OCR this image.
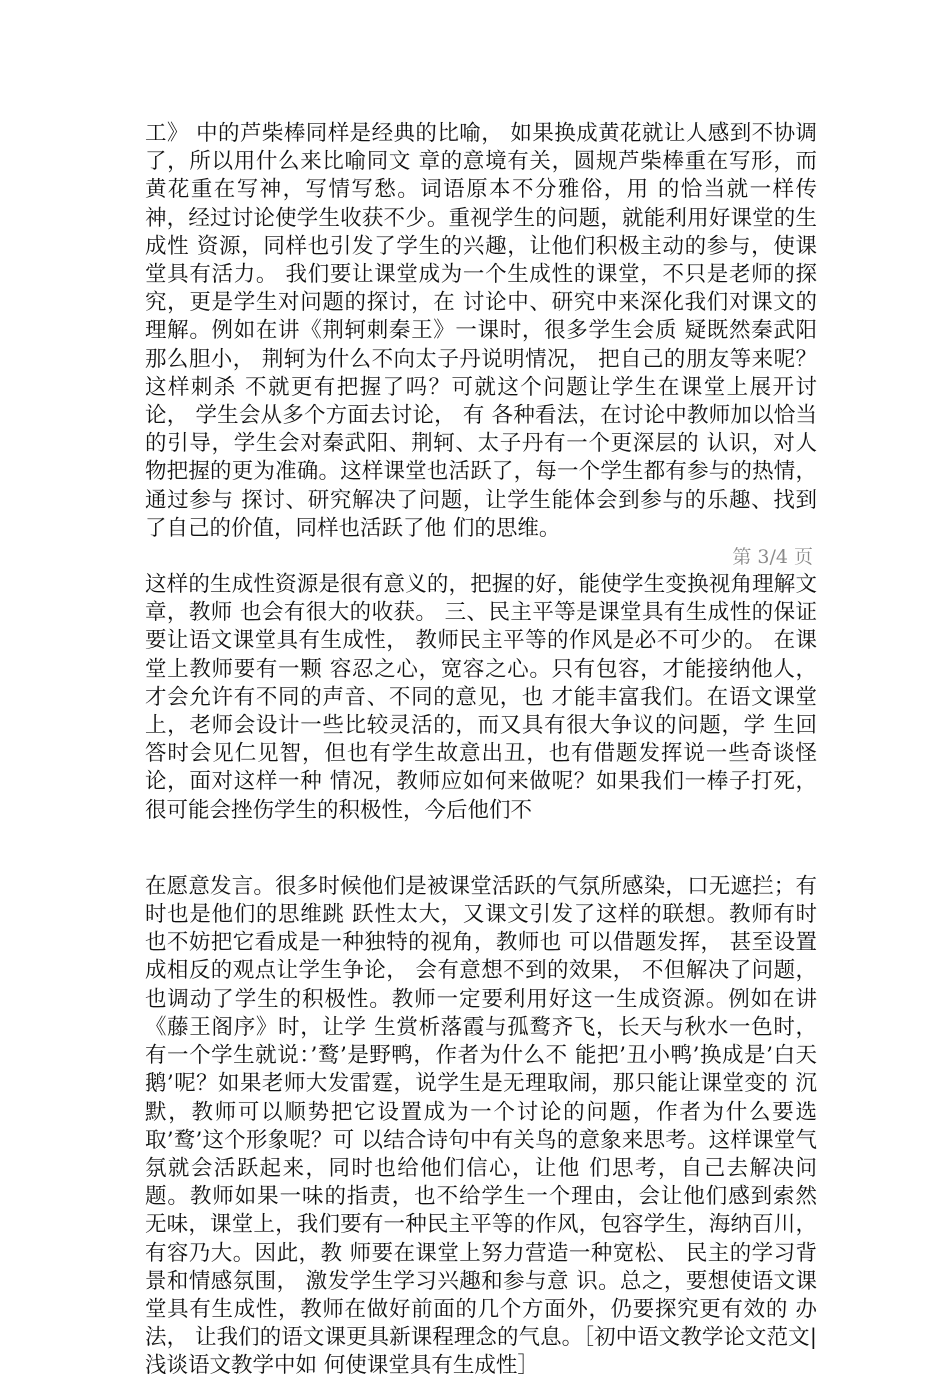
工》 中的芦柴棒同样是经典的比喻， 如果换成黄花就让人感到不协调了，所以用什么来比喻同文 章的意境有关，圆规芦柴棒重在写形，而黄花重在写神，写情写愁。词语原本不分雅俗，用 的恰当就一样传神，经过讨论使学生收获不少。重视学生的问题，就能利用好课堂的生成性 资源，同样也引发了学生的兴趣，让他们积极主动的参与，使课堂具有活力。 我们要让课堂成为一个生成性的课堂，不只是老师的探究，更是学生对问题的探讨，在 讨论中、研究中来深化我们对课文的理解。例如在讲《荆轲刺秦王》一课时，很多学生会质 疑既然秦武阳那么胆小， 荆轲为什么不向太子丹说明情况， 把自己的朋友等来呢？这样刺杀 不就更有把握了吗？可就这个问题让学生在课堂上展开讨论， 学生会从多个方面去讨论， 有 各种看法，在讨论中教师加以恰当的引导，学生会对秦武阳、荆轲、太子丹有一个更深层的 认识，对人物把握的更为准确。这样课堂也活跃了，每一个学生都有参与的热情，通过参与 探讨、研究解决了问题，让学生能体会到参与的乐趣、找到了自己的价值，同样也活跃了他 们的思维。

第 3/4 页

这样的生成性资源是很有意义的，把握的好，能使学生变换视角理解文章，教师 也会有很大的收获。 三、民主平等是课堂具有生成性的保证 要让语文课堂具有生成性， 教师民主平等的作风是必不可少的。 在课堂上教师要有一颗 容忍之心，宽容之心。只有包容，才能接纳他人，才会允许有不同的声音、不同的意见，也 才能丰富我们。在语文课堂上，老师会设计一些比较灵活的，而又具有很大争议的问题，学 生回答时会见仁见智，但也有学生故意出丑，也有借题发挥说一些奇谈怪论，面对这样一种 情况，教师应如何来做呢？如果我们一棒子打死，很可能会挫伤学生的积极性，今后他们不

在愿意发言。很多时候他们是被课堂活跃的气氛所感染，口无遮拦；有时也是他们的思维跳 跃性太大，又课文引发了这样的联想。教师有时也不妨把它看成是一种独特的视角，教师也 可以借题发挥， 甚至设置成相反的观点让学生争论， 会有意想不到的效果， 不但解决了问题， 也调动了学生的积极性。教师一定要利用好这一生成资源。例如在讲《藤王阁序》时，让学 生赏析落霞与孤鹜齐飞，长天与秋水一色时，有一个学生就说：’鹜’是野鸭，作者为什么不 能把’丑小鸭’换成是’白天鹅’呢？如果老师大发雷霆，说学生是无理取闹，那只能让课堂变的 沉默，教师可以顺势把它设置成为一个讨论的问题，作者为什么要选取’鹜’这个形象呢？可 以结合诗句中有关鸟的意象来思考。这样课堂气氛就会活跃起来，同时也给他们信心，让他 们思考，自己去解决问题。教师如果一味的指责，也不给学生一个理由，会让他们感到索然 无味，课堂上，我们要有一种民主平等的作风，包容学生，海纳百川，有容乃大。因此，教 师要在课堂上努力营造一种宽松、 民主的学习背景和情感氛围， 激发学生学习兴趣和参与意 识。总之，要想使语文课堂具有生成性，教师在做好前面的几个方面外，仍要探究更有效的 办法， 让我们的语文课更具新课程理念的气息。［初中语文教学论文范文|浅谈语文教学中如 何使课堂具有生成性］
